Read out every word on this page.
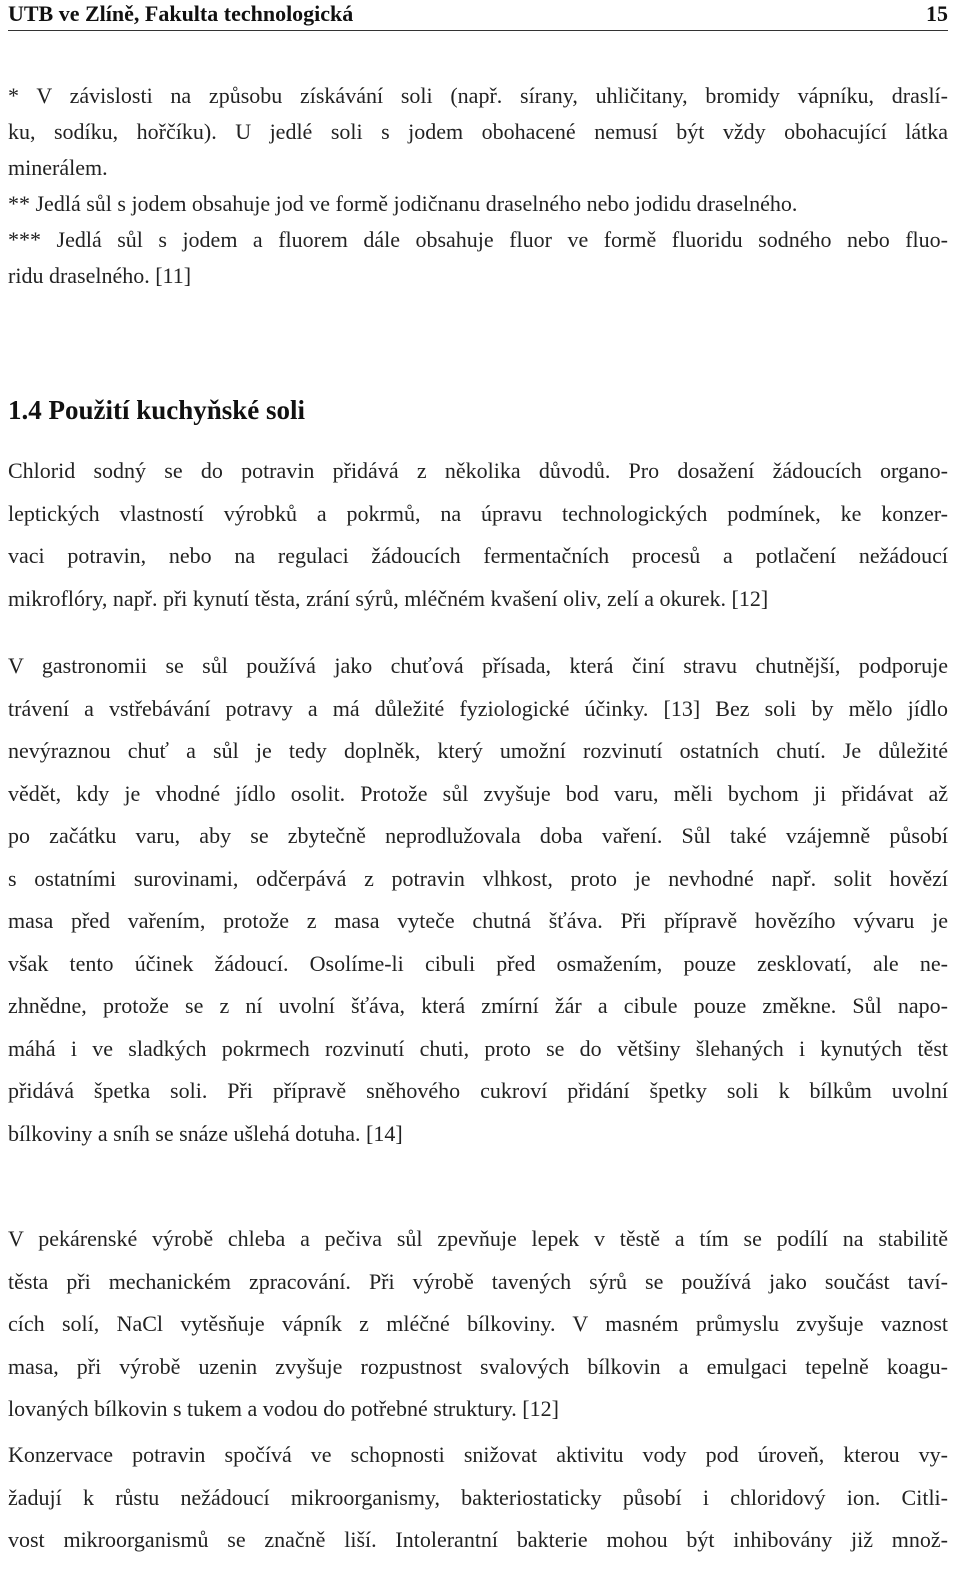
UTB ve Zlíně, Fakulta technologická	15
* V závislosti na způsobu získávání soli (např. sírany, uhličitany, bromidy vápníku, draslí-
ku, sodíku, hořčíku). U jedlé soli s jodem obohacené nemusí být vždy obohacující látka
minerálem.
** Jedlá sůl s jodem obsahuje jod ve formě jodičnanu draselného nebo jodidu draselného.
*** Jedlá sůl s jodem a fluorem dále obsahuje fluor ve formě fluoridu sodného nebo fluo-
ridu draselného. [11]
1.4 Použití kuchyňské soli
Chlorid sodný se do potravin přidává z několika důvodů. Pro dosažení žádoucích organo-
leptických vlastností výrobků a pokrmů, na úpravu technologických podmínek, ke konzer-
vaci potravin, nebo na regulaci žádoucích fermentačních procesů a potlačení nežádoucí
mikroflóry, např. při kynutí těsta, zrání sýrů, mléčném kvašení oliv, zelí a okurek. [12]
V gastronomii se sůl používá jako chuťová přísada, která činí stravu chutnější, podporuje
trávení a vstřebávání potravy a má důležité fyziologické účinky. [13] Bez soli by mělo jídlo
nevýraznou chuť a sůl je tedy doplněk, který umožní rozvinutí ostatních chutí. Je důležité
vědět, kdy je vhodné jídlo osolit. Protože sůl zvyšuje bod varu, měli bychom ji přidávat až
po začátku varu, aby se zbytečně neprodlužovala doba vaření. Sůl také vzájemně působí
s ostatními surovinami, odčerpává z potravin vlhkost, proto je nevhodné např. solit hovězí
masa před vařením, protože z masa vyteče chutná šťáva. Při přípravě hovězího vývaru je
však tento účinek žádoucí. Osolíme-li cibuli před osmažením, pouze zesklovatí, ale ne-
zhnědne, protože se z ní uvolní šťáva, která zmírní žár a cibule pouze změkne. Sůl napo-
máhá i ve sladkých pokrmech rozvinutí chuti, proto se do většiny šlehaných i kynutých těst
přidává špetka soli. Při přípravě sněhového cukroví přidání špetky soli k bílkům uvolní
bílkoviny a sníh se snáze ušlehá dotuha. [14]
V pekárenské výrobě chleba a pečiva sůl zpevňuje lepek v těstě a tím se podílí na stabilitě
těsta při mechanickém zpracování. Při výrobě tavených sýrů se používá jako součást taví-
cích solí, NaCl vytěsňuje vápník z mléčné bílkoviny. V masném průmyslu zvyšuje vaznost
masa, při výrobě uzenin zvyšuje rozpustnost svalových bílkovin a emulgaci tepelně koagu-
lovaných bílkovin s tukem a vodou do potřebné struktury. [12]
Konzervace potravin spočívá ve schopnosti snižovat aktivitu vody pod úroveň, kterou vy-
žadují k růstu nežádoucí mikroorganismy, bakteriostaticky působí i chloridový ion. Citli-
vost mikroorganismů se značně liší. Intolerantní bakterie mohou být inhibovány již množ-
